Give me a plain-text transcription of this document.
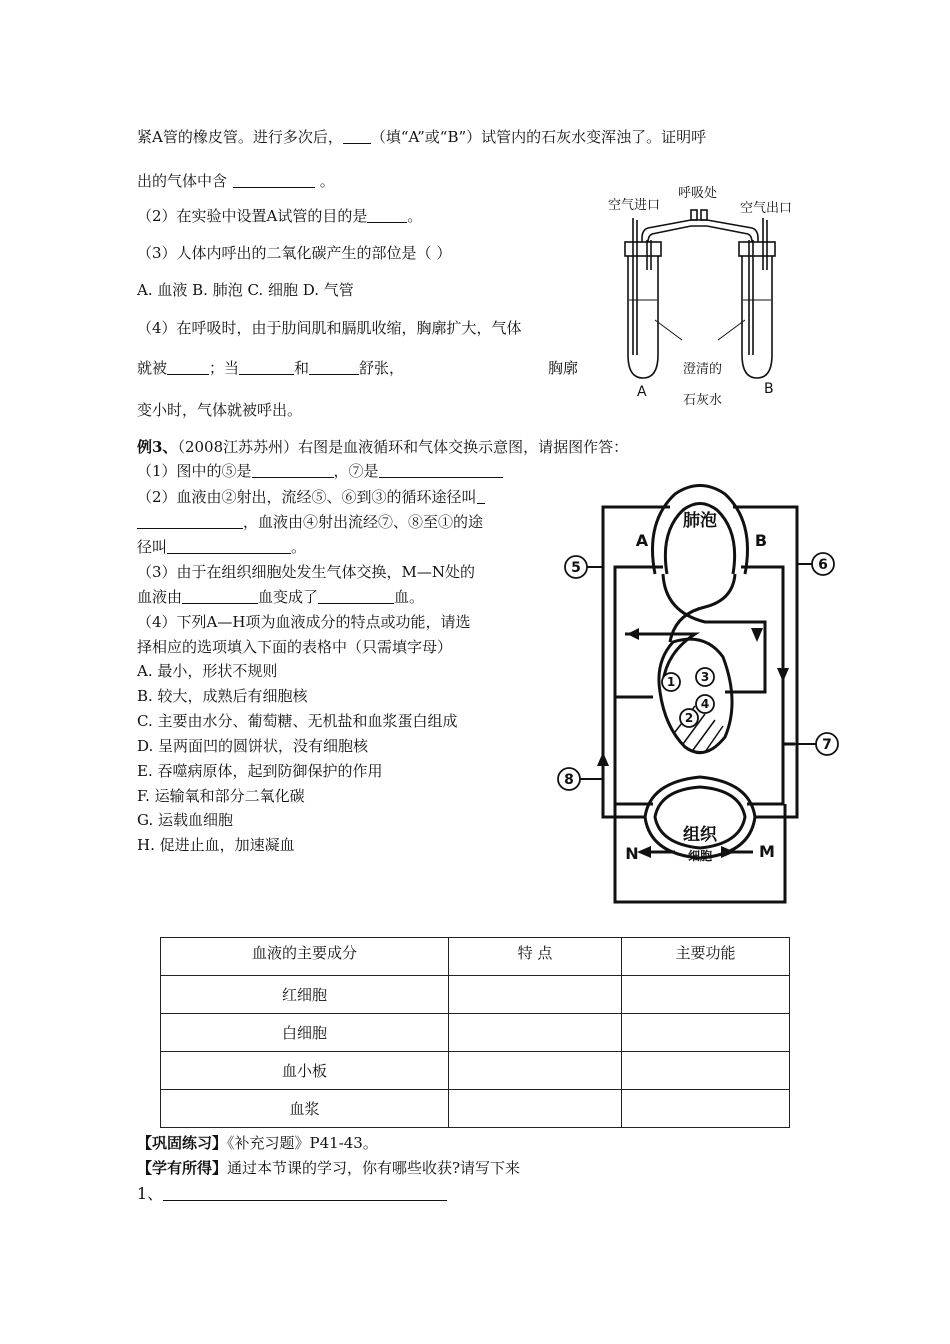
紧A管的橡皮管。进行多次后， （填“A”或“B”）试管内的石灰水变浑浊了。证明呼
出的气体中含	。
（2）在实验中设置A试管的目的是	。
（3）人体内呼出的二氧化碳产生的部位是（ ）
A. 血液 B. 肺泡 C. 细胞 D. 气管
（4）在呼吸时，由于肋间肌和膈肌收缩，胸廓扩大，气体
就被	；当	和	舒张，	胸廓
变小时，气体就被呼出。
空气进口
呼吸处
空气出口
A	B
澄清的
石灰水
例3、（2008江苏苏州）右图是血液循环和气体交换示意图，请据图作答：
（1）图中的⑤是	，⑦是
（2）血液由②射出，流经⑤、⑥到③的循环途径叫
，血液由④射出流经⑦、⑧至①的途
径叫	。
（3）由于在组织细胞处发生气体交换，M—N处的
血液由	血变成了	血。
（4）下列A—H项为血液成分的特点或功能，请选
择相应的选项填入下面的表格中（只需填字母）
A. 最小，形状不规则
B. 较大，成熟后有细胞核
C. 主要由水分、葡萄糖、无机盐和血浆蛋白组成
D. 呈两面凹的圆饼状，没有细胞核
E. 吞噬病原体，起到防御保护的作用
F. 运输氧和部分二氧化碳
G. 运载血细胞
H. 促进止血，加速凝血
1
2
3
4
5	6
7
8
肺泡
A	B
组织
细胞
N	M
血液的主要成分	特 点	主要功能
红细胞		
白细胞		
血小板		
血浆		
【巩固练习】《补充习题》P41-43。
【学有所得】通过本节课的学习，你有哪些收获?请写下来
1、
